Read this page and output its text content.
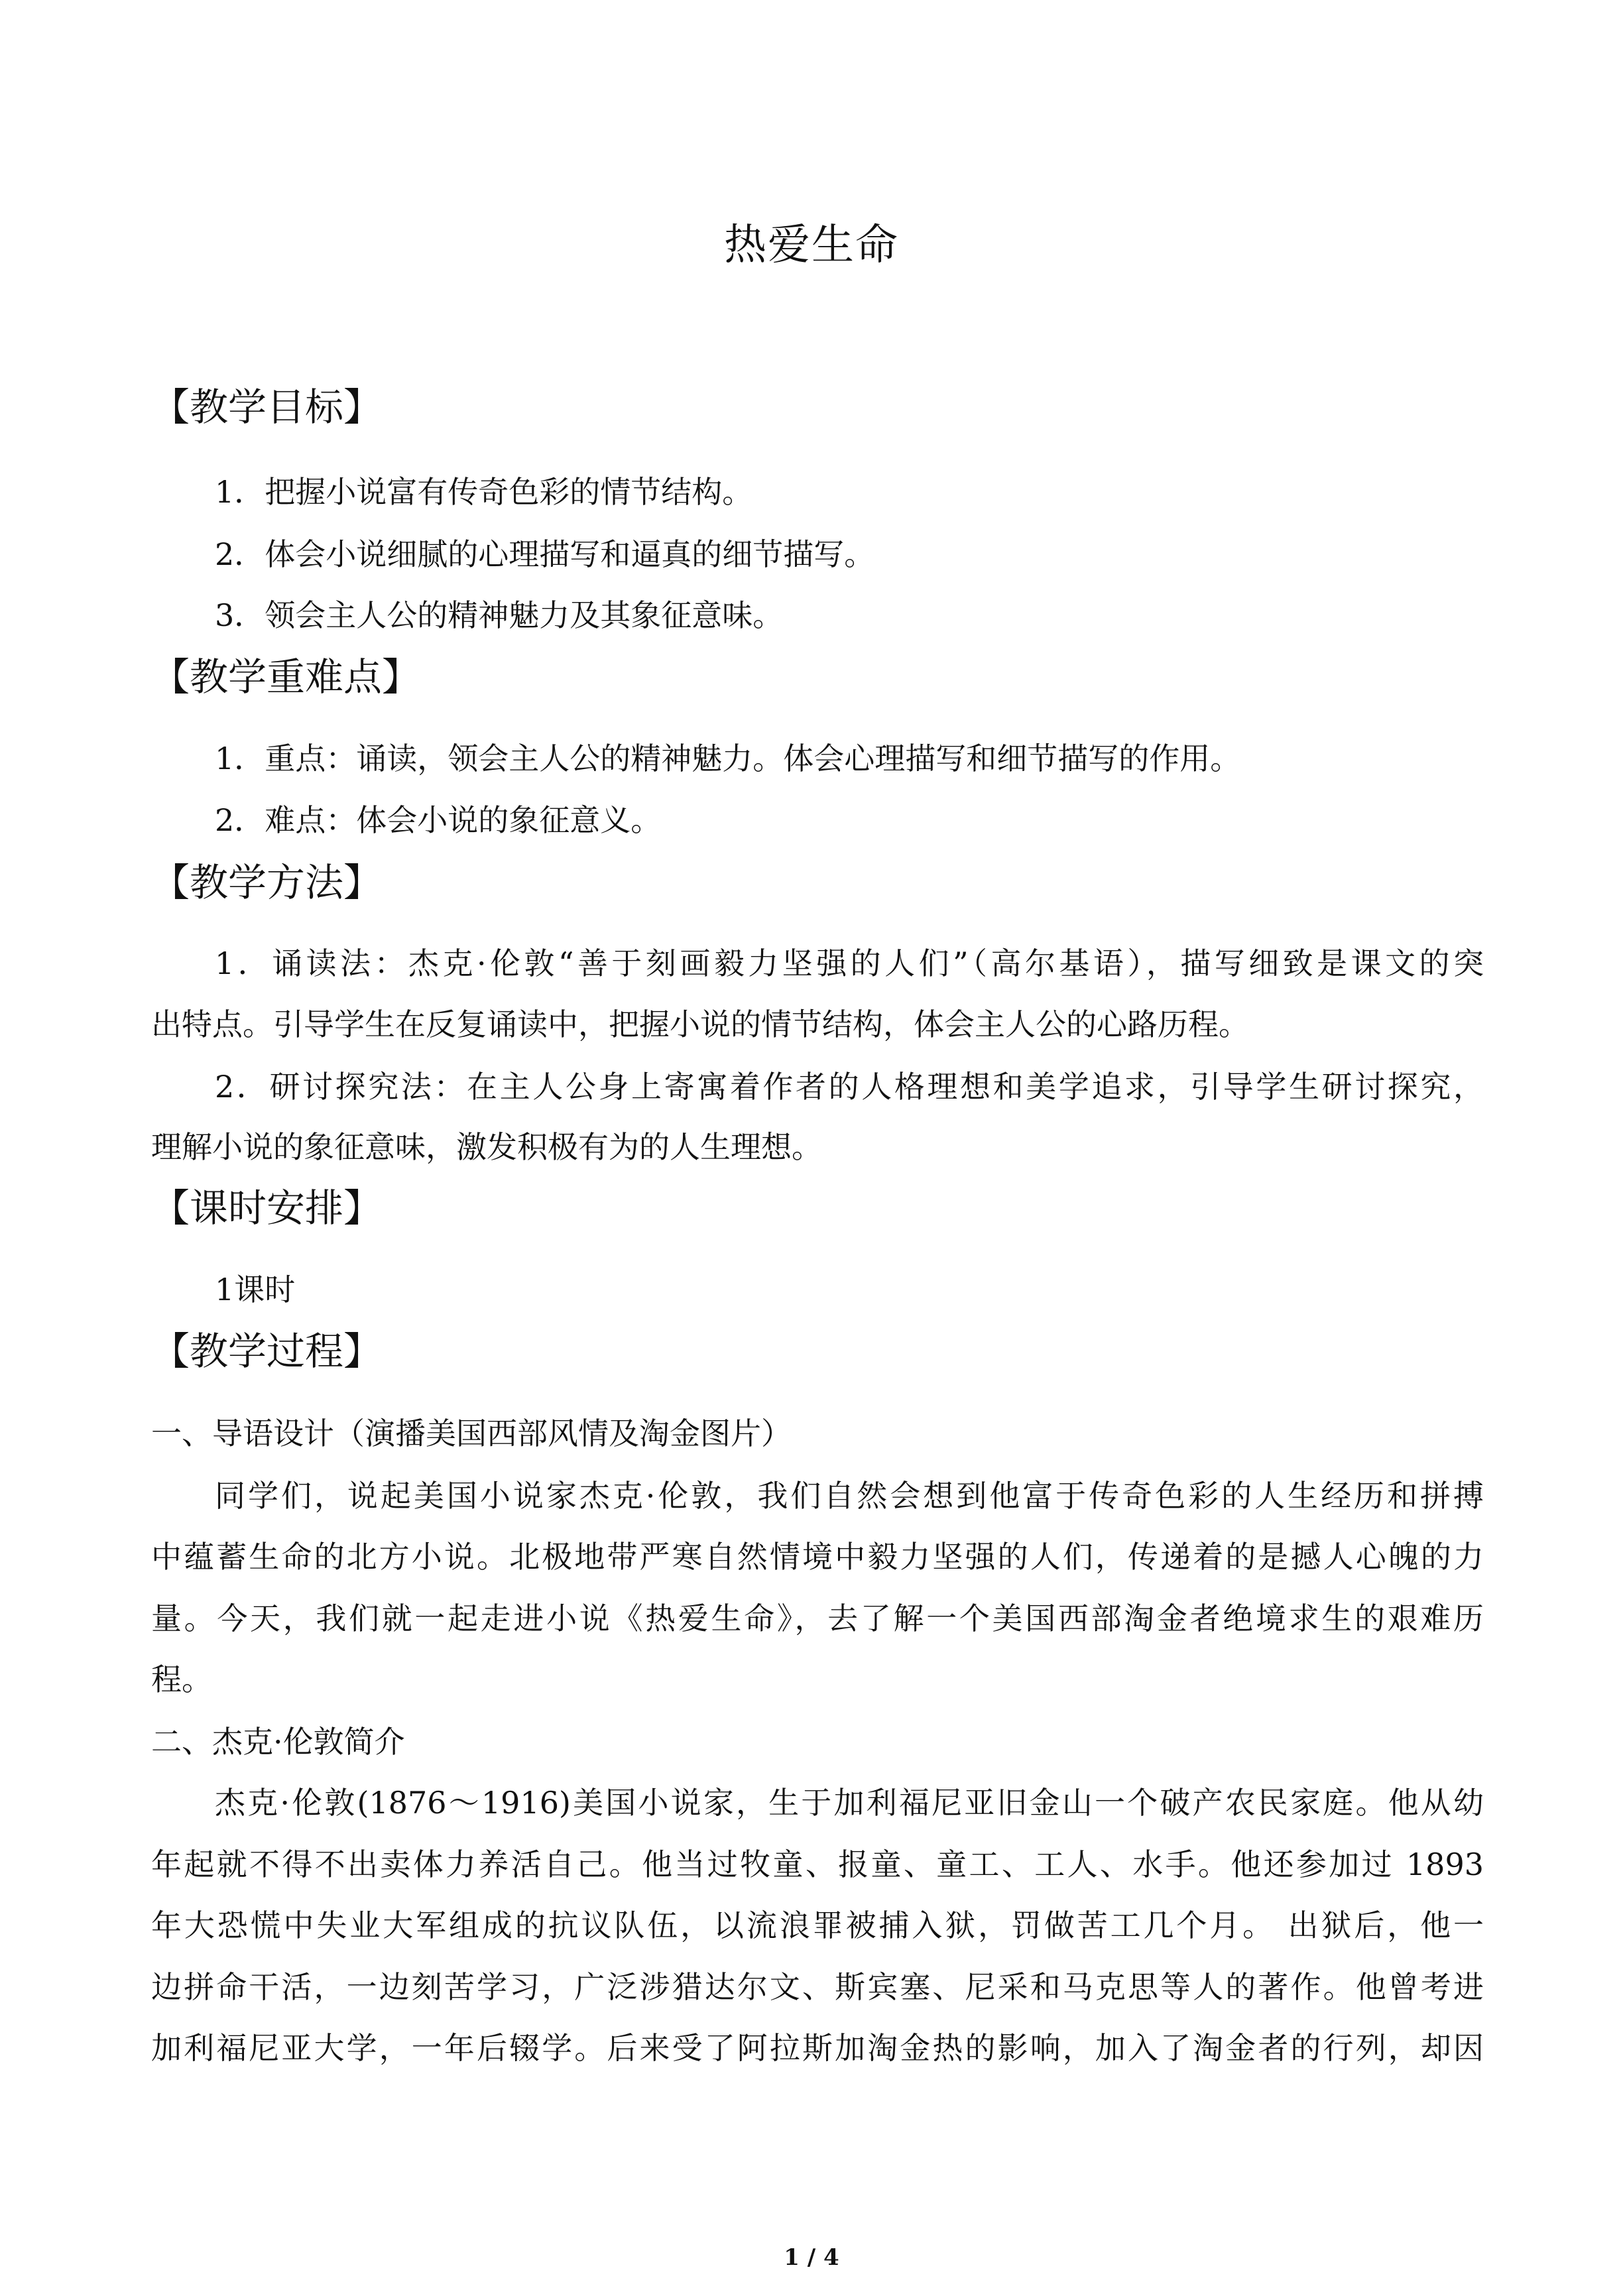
热爱生命
【教学目标】
1．把握小说富有传奇色彩的情节结构。
2．体会小说细腻的心理描写和逼真的细节描写。
3．领会主人公的精神魅力及其象征意味。
【教学重难点】
1．重点：诵读，领会主人公的精神魅力。体会心理描写和细节描写的作用。
2．难点：体会小说的象征意义。
【教学方法】
1．诵读法：杰克·伦敦“善于刻画毅力坚强的人们”（高尔基语），描写细致是课文的突
出特点。引导学生在反复诵读中，把握小说的情节结构，体会主人公的心路历程。
2．研讨探究法：在主人公身上寄寓着作者的人格理想和美学追求，引导学生研讨探究，
理解小说的象征意味，激发积极有为的人生理想。
【课时安排】
1课时
【教学过程】
一、导语设计（演播美国西部风情及淘金图片）
同学们，说起美国小说家杰克·伦敦，我们自然会想到他富于传奇色彩的人生经历和拼搏
中蕴蓄生命的北方小说。北极地带严寒自然情境中毅力坚强的人们，传递着的是撼人心魄的力
量。今天，我们就一起走进小说《热爱生命》，去了解一个美国西部淘金者绝境求生的艰难历
程。
二、杰克·伦敦简介
杰克·伦敦(1876～1916)美国小说家，生于加利福尼亚旧金山一个破产农民家庭。他从幼
年起就不得不出卖体力养活自己。他当过牧童、报童、童工、工人、水手。他还参加过 1893
年大恐慌中失业大军组成的抗议队伍，以流浪罪被捕入狱，罚做苦工几个月。 出狱后，他一
边拼命干活，一边刻苦学习，广泛涉猎达尔文、斯宾塞、尼采和马克思等人的著作。他曾考进
加利福尼亚大学，一年后辍学。后来受了阿拉斯加淘金热的影响，加入了淘金者的行列，却因
1 / 4
